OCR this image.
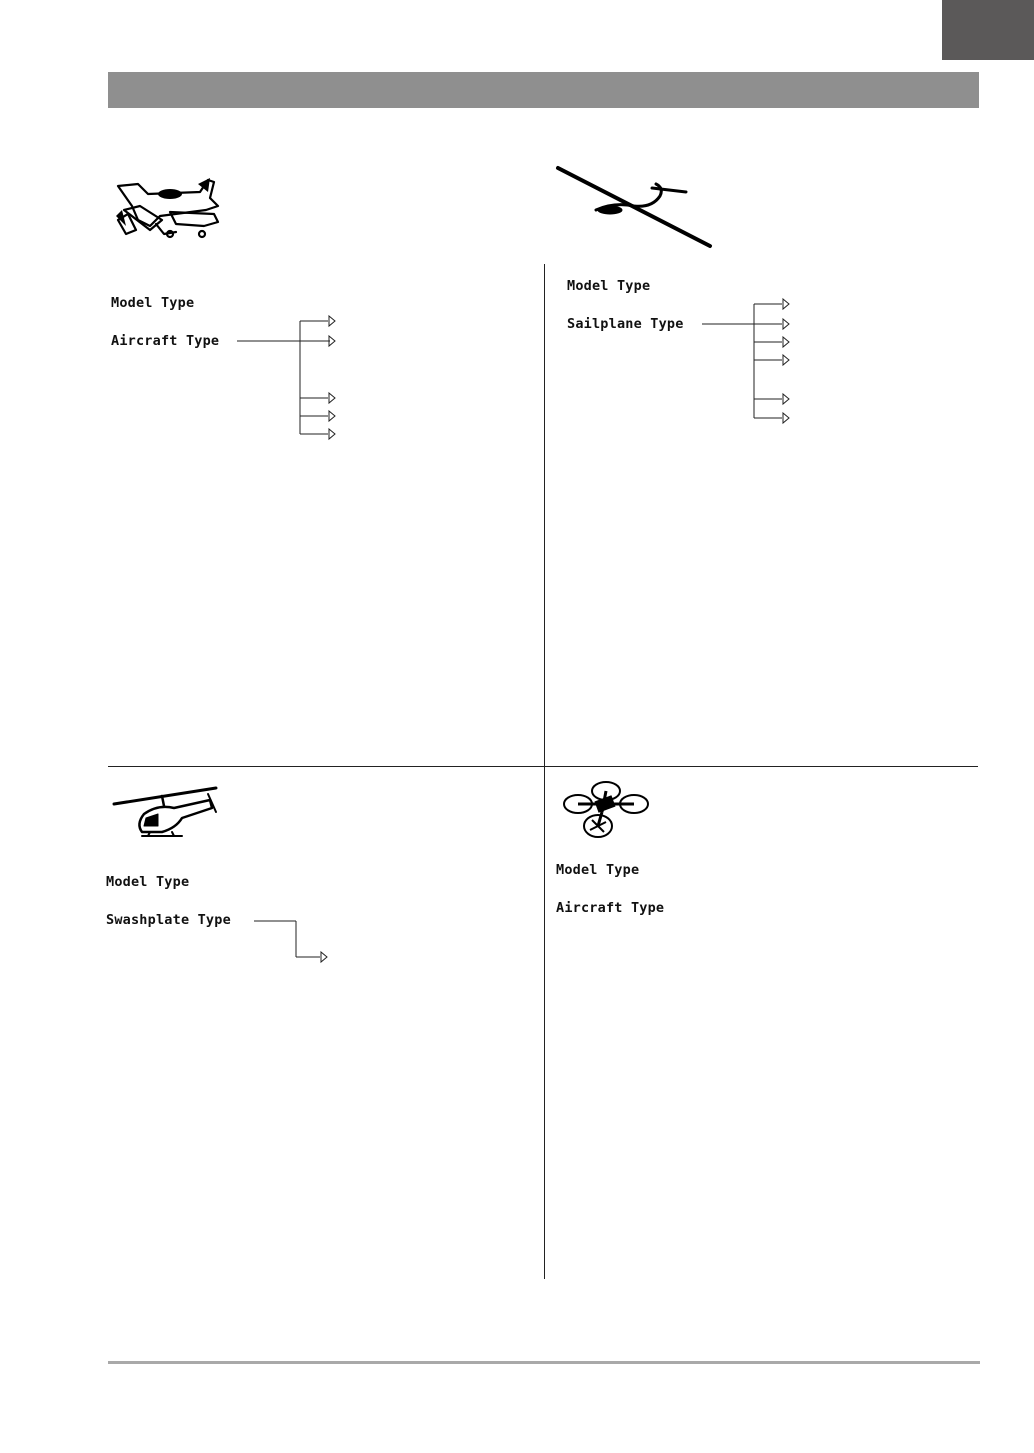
Model Type
Aircraft Type
Model Type
Sailplane Type
Model Type
Swashplate Type
Model Type
Aircraft Type
